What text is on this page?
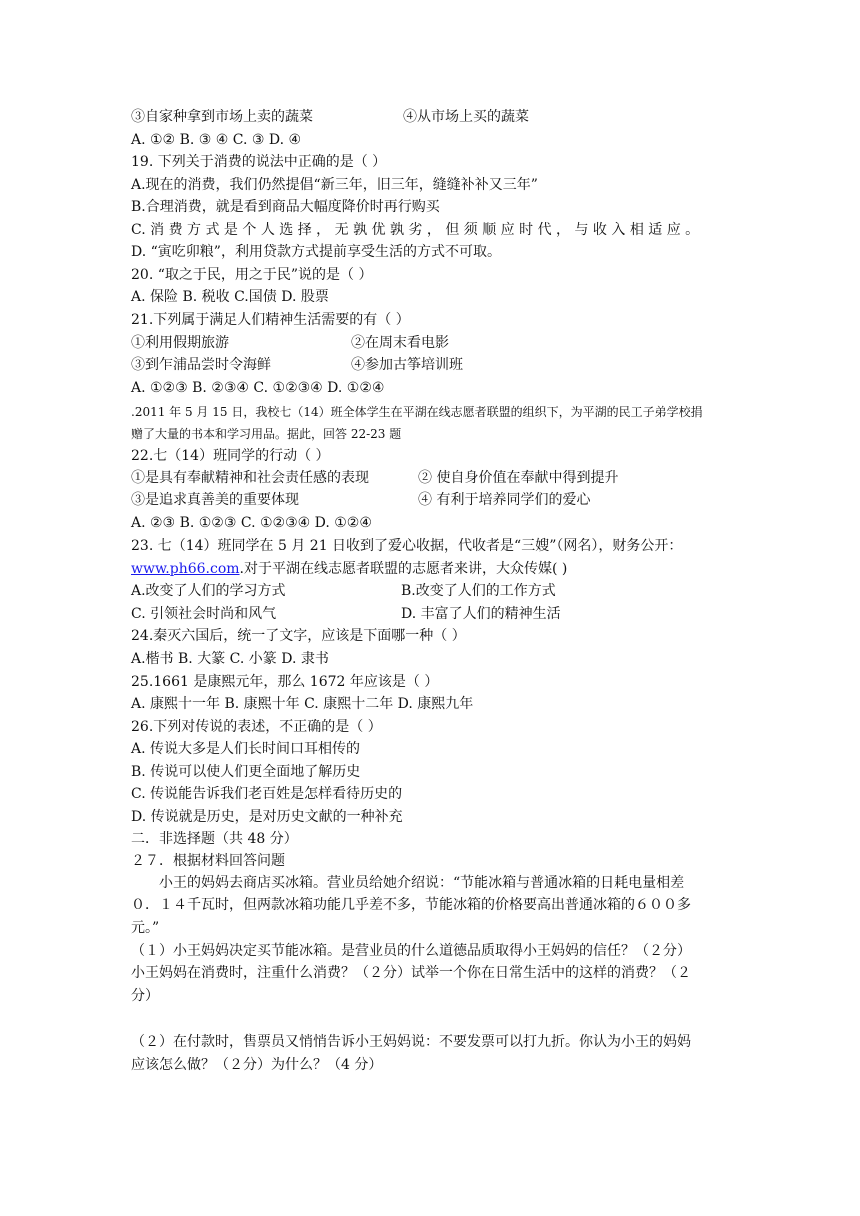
③自家种拿到市场上卖的蔬菜	④从市场上买的蔬菜
A. ①② B. ③ ④ C. ③ D. ④
19. 下列关于消费的说法中正确的是（ ）
A.现在的消费，我们仍然提倡“新三年，旧三年，缝缝补补又三年”
B.合理消费，就是看到商品大幅度降价时再行购买
C. 消 费 方 式 是 个 人 选 择 ， 无 孰 优 孰 劣 ， 但 须 顺 应 时 代 ， 与 收 入 相 适 应 。
D. “寅吃卯粮”，利用贷款方式提前享受生活的方式不可取。
20. “取之于民，用之于民”说的是（ ）
A. 保险 B. 税收 C.国债 D. 股票
21.下列属于满足人们精神生活需要的有（ ）
①利用假期旅游	②在周末看电影
③到乍浦品尝时令海鲜	④参加古筝培训班
A. ①②③ B. ②③④ C. ①②③④ D. ①②④
.2011 年 5 月 15 日，我校七（14）班全体学生在平湖在线志愿者联盟的组织下，为平湖的民工子弟学校捐
赠了大量的书本和学习用品。据此，回答 22-23 题
22.七（14）班同学的行动（ ）
①是具有奉献精神和社会责任感的表现	② 使自身价值在奉献中得到提升
③是追求真善美的重要体现	④ 有利于培养同学们的爱心
A. ②③ B. ①②③ C. ①②③④ D. ①②④
23. 七（14）班同学在 5 月 21 日收到了爱心收据，代收者是“三嫂”（网名），财务公开：
www.ph66.com.对于平湖在线志愿者联盟的志愿者来讲，大众传媒( )
A.改变了人们的学习方式	B.改变了人们的工作方式
C. 引领社会时尚和风气	D. 丰富了人们的精神生活
24.秦灭六国后，统一了文字，应该是下面哪一种（ ）
A.楷书 B. 大篆 C. 小篆 D. 隶书
25.1661 是康熙元年，那么 1672 年应该是（ ）
A. 康熙十一年 B. 康熙十年 C. 康熙十二年 D. 康熙九年
26.下列对传说的表述，不正确的是（ ）
A. 传说大多是人们长时间口耳相传的
B. 传说可以使人们更全面地了解历史
C. 传说能告诉我们老百姓是怎样看待历史的
D. 传说就是历史，是对历史文献的一种补充
二．非选择题（共 48 分）
２７．根据材料回答问题
小王的妈妈去商店买冰箱。营业员给她介绍说：“节能冰箱与普通冰箱的日耗电量相差
０．１４千瓦时，但两款冰箱功能几乎差不多，节能冰箱的价格要高出普通冰箱的６００多
元。”
（１）小王妈妈决定买节能冰箱。是营业员的什么道德品质取得小王妈妈的信任？（２分）
小王妈妈在消费时，注重什么消费？（２分）试举一个你在日常生活中的这样的消费？（２
分）
（２）在付款时，售票员又悄悄告诉小王妈妈说：不要发票可以打九折。你认为小王的妈妈
应该怎么做？（２分）为什么？（4 分）
